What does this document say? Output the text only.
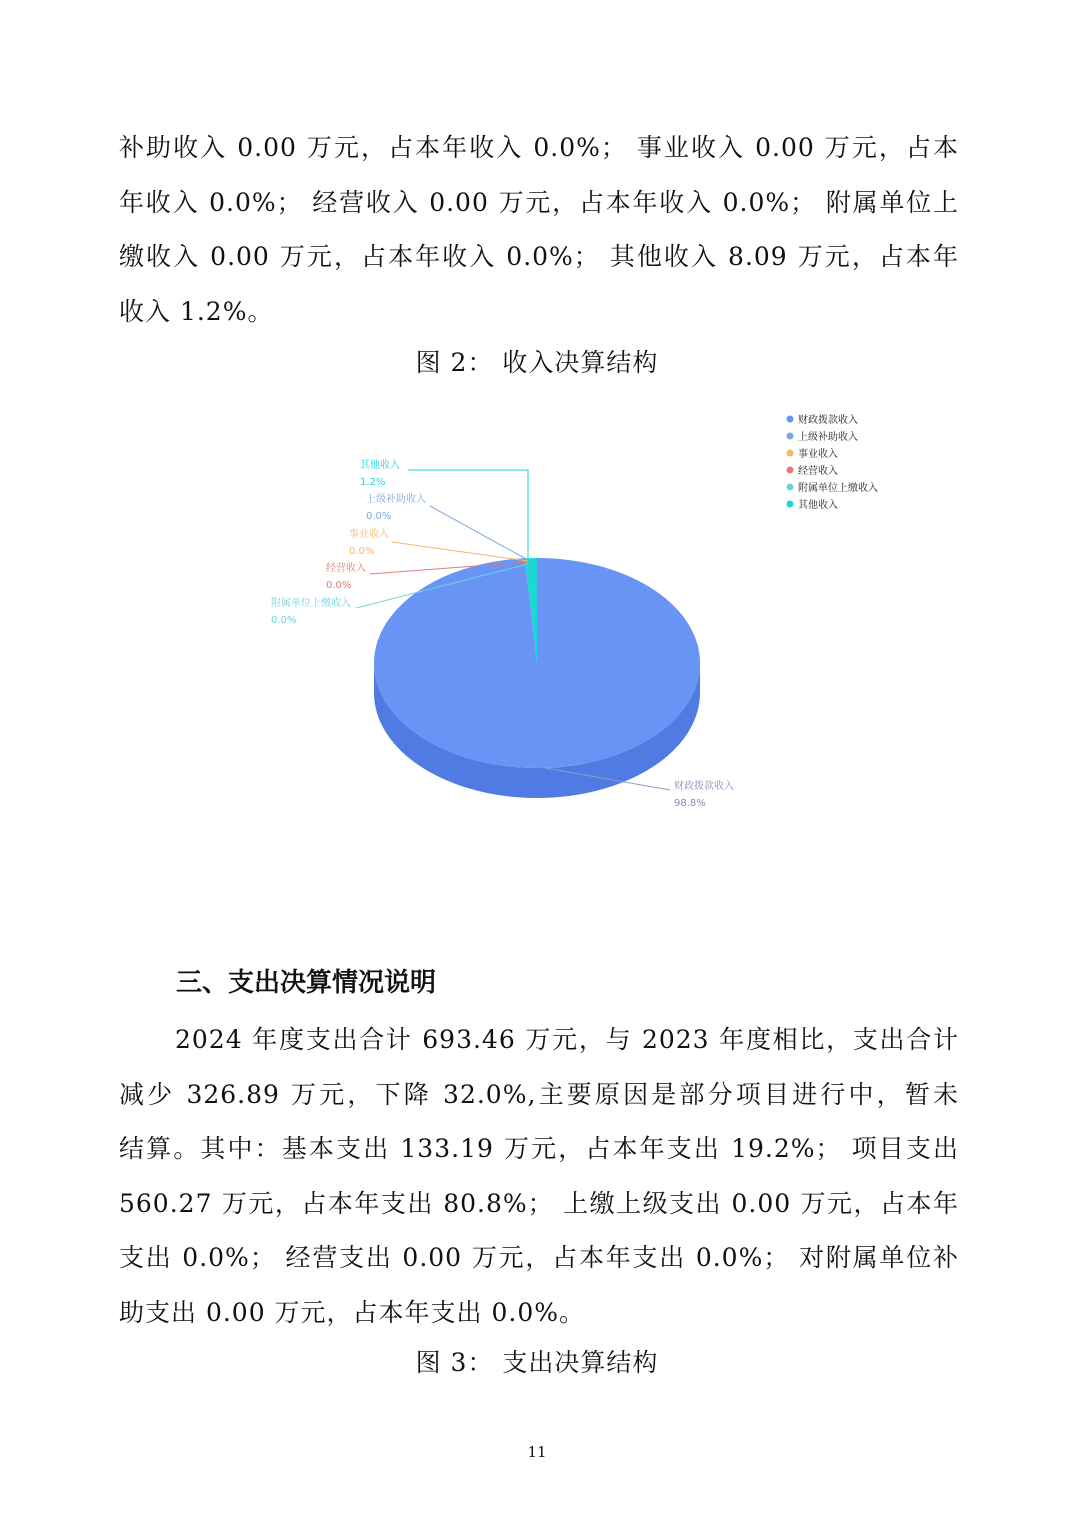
补助收入 0.00 万元，占本年收入 0.0%； 事业收入 0.00 万元，占本
年收入 0.0%； 经营收入 0.00 万元，占本年收入 0.0%； 附属单位上
缴收入 0.00 万元，占本年收入 0.0%； 其他收入 8.09 万元，占本年
收入 1.2%。
图 2： 收入决算结构
其他收入
1.2%
上级补助收入
0.0%
事业收入
0.0%
经营收入
0.0%
附属单位上缴收入
0.0%
财政拨款收入
98.8%
财政拨款收入
上级补助收入
事业收入
经营收入
附属单位上缴收入
其他收入
三、支出决算情况说明
2024 年度支出合计 693.46 万元，与 2023 年度相比，支出合计
减少 326.89 万元，下降 32.0%,主要原因是部分项目进行中，暂未
结算。其中：基本支出 133.19 万元，占本年支出 19.2%； 项目支出
560.27 万元，占本年支出 80.8%； 上缴上级支出 0.00 万元，占本年
支出 0.0%； 经营支出 0.00 万元，占本年支出 0.0%； 对附属单位补
助支出 0.00 万元，占本年支出 0.0%。
图 3： 支出决算结构
11
